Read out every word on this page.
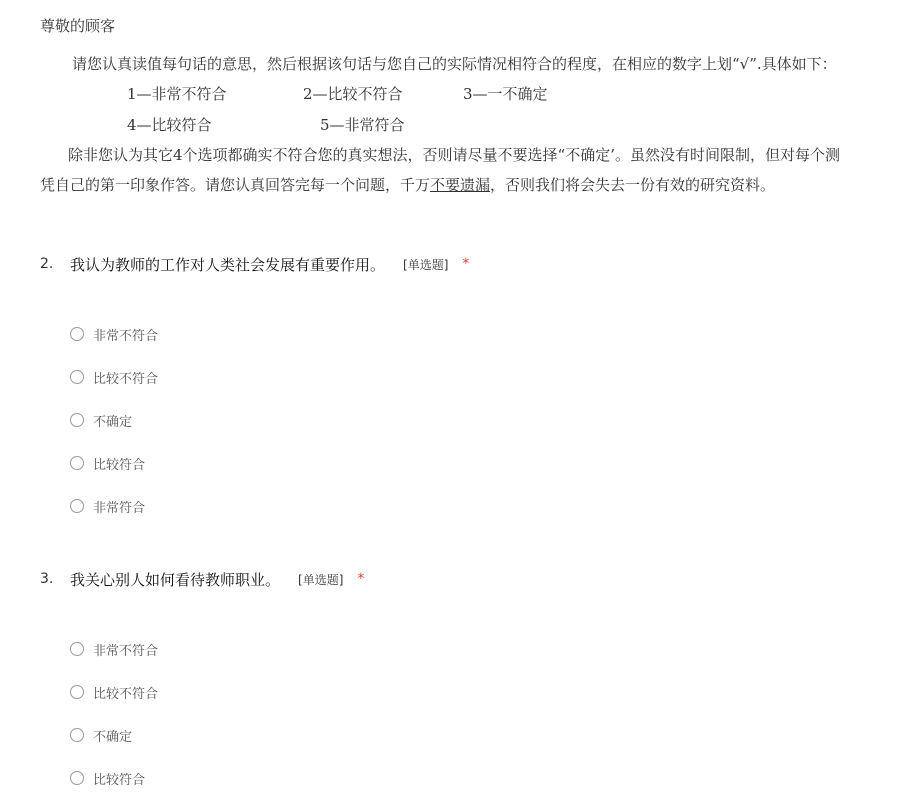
尊敬的顾客
请您认真读值每句话的意思，然后根据该句话与您自己的实际情况相符合的程度，在相应的数字上划“√”.具体如下：
1—非常不符合	2—比较不符合	3—一不确定
4—比较符合	5—非常符合
除非您认为其它4个选项都确实不符合您的真实想法，否则请尽量不要选择“不确定’。虽然没有时间限制，但对每个测
凭自己的第一印象作答。请您认真回答完每一个问题，千万不要遗漏，否则我们将会失去一份有效的研究资料。
2.	我认为教师的工作对人类社会发展有重要作用。 [单选题] *
非常不符合
比较不符合
不确定
比较符合
非常符合
3.	我关心别人如何看待教师职业。 [单选题] *
非常不符合
比较不符合
不确定
比较符合
